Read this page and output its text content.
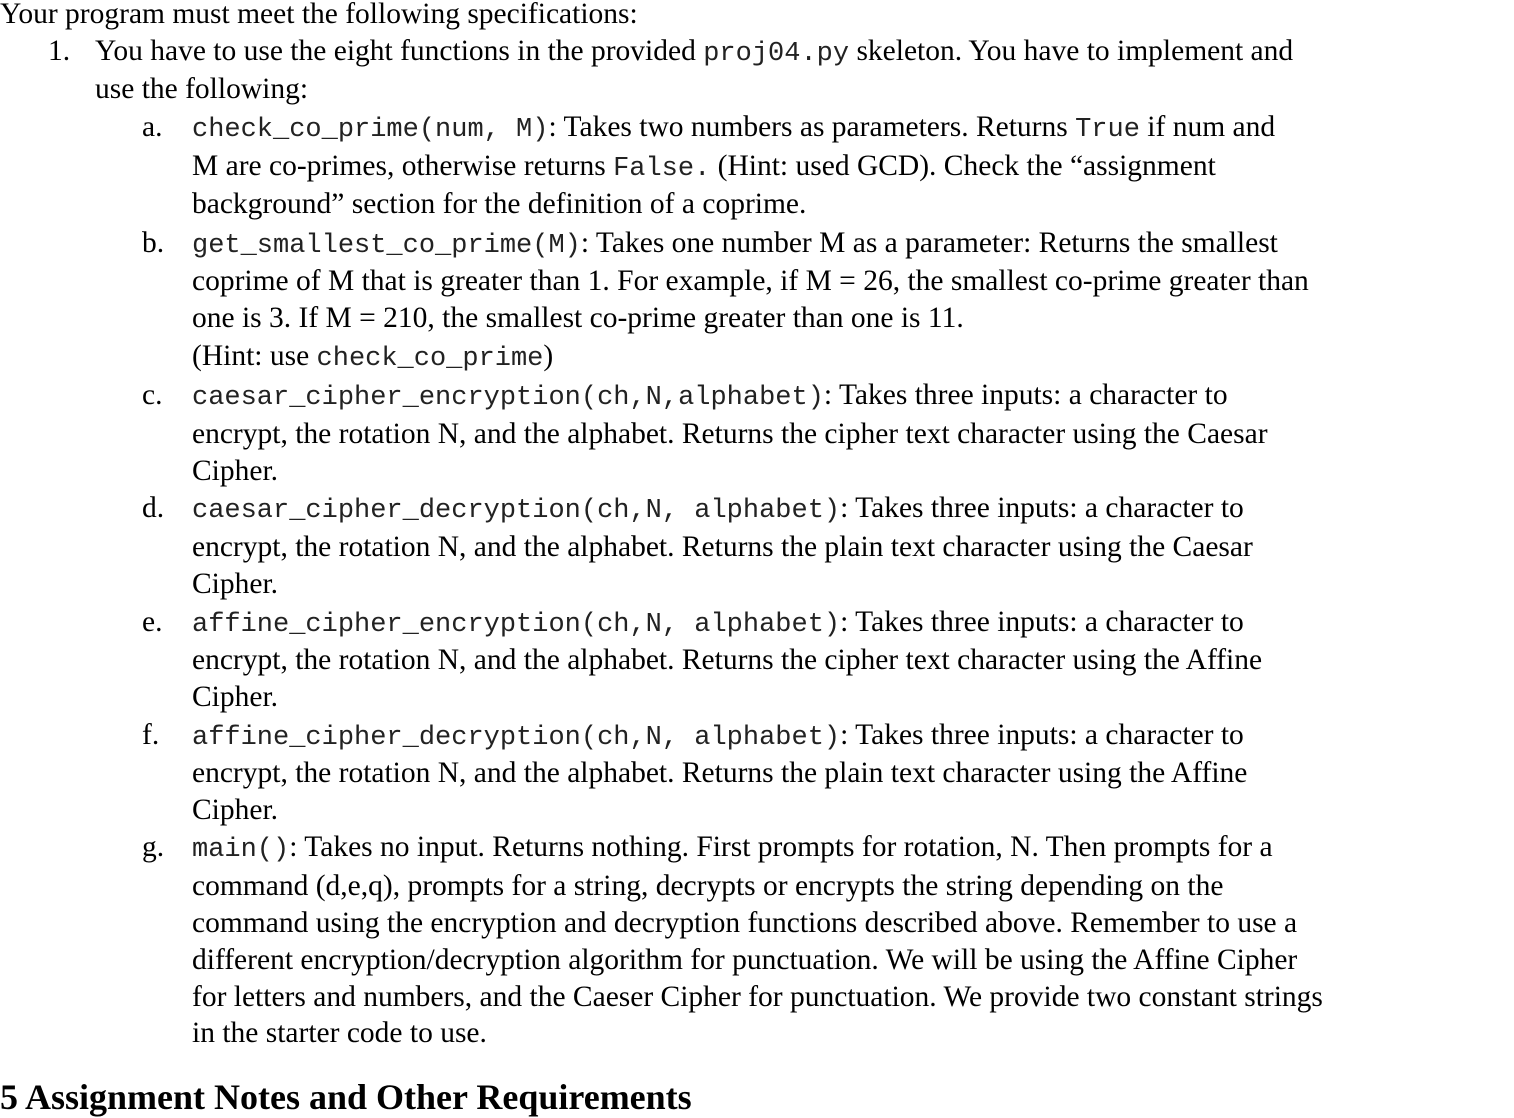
Your program must meet the following specifications:
1. You have to use the eight functions in the provided proj04.py skeleton. You have to implement and
use the following:
a. check_co_prime(num, M): Takes two numbers as parameters. Returns True if num and
M are co-primes, otherwise returns False. (Hint: used GCD). Check the “assignment
background” section for the definition of a coprime.
b. get_smallest_co_prime(M): Takes one number M as a parameter: Returns the smallest
coprime of M that is greater than 1. For example, if M = 26, the smallest co-prime greater than
one is 3. If M = 210, the smallest co-prime greater than one is 11.
(Hint: use check_co_prime)
c. caesar_cipher_encryption(ch,N,alphabet): Takes three inputs: a character to
encrypt, the rotation N, and the alphabet. Returns the cipher text character using the Caesar
Cipher.
d. caesar_cipher_decryption(ch,N, alphabet): Takes three inputs: a character to
encrypt, the rotation N, and the alphabet. Returns the plain text character using the Caesar
Cipher.
e. affine_cipher_encryption(ch,N, alphabet): Takes three inputs: a character to
encrypt, the rotation N, and the alphabet. Returns the cipher text character using the Affine
Cipher.
f. affine_cipher_decryption(ch,N, alphabet): Takes three inputs: a character to
encrypt, the rotation N, and the alphabet. Returns the plain text character using the Affine
Cipher.
g. main(): Takes no input. Returns nothing. First prompts for rotation, N. Then prompts for a
command (d,e,q), prompts for a string, decrypts or encrypts the string depending on the
command using the encryption and decryption functions described above. Remember to use a
different encryption/decryption algorithm for punctuation. We will be using the Affine Cipher
for letters and numbers, and the Caeser Cipher for punctuation. We provide two constant strings
in the starter code to use.
5 Assignment Notes and Other Requirements
